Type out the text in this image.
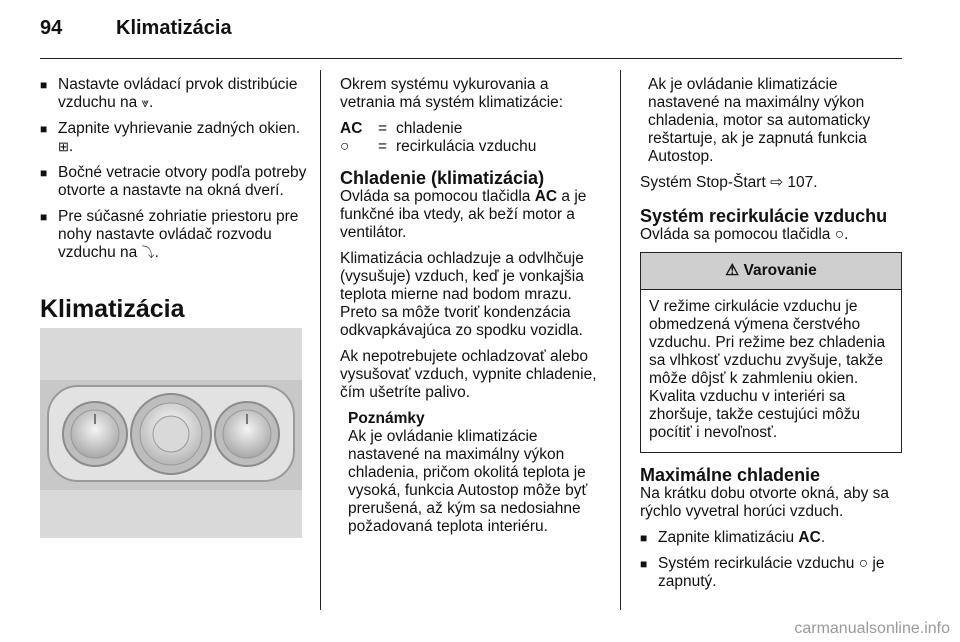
94	Klimatizácia
■ Nastavte ovládací prvok distribúcie vzduchu na ⩔.
■ Zapnite vyhrievanie zadných okien.
⊞.
■ Bočné vetracie otvory podľa potreby otvorte a nastavte na okná dverí.
■ Pre súčasné zohriatie priestoru pre nohy nastavte ovládač rozvodu vzduchu na ⤵.
Klimatizácia

Okrem systému vykurovania a vetrania má systém klimatizácie:

AC	= chladenie
○	= recirkulácia vzduchu
Chladenie (klimatizácia)

Ovláda sa pomocou tlačidla AC a je funkčné iba vtedy, ak beží motor a ventilátor.

Klimatizácia ochladzuje a odvlhčuje (vysušuje) vzduch, keď je vonkajšia teplota mierne nad bodom mrazu. Preto sa môže tvoriť kondenzácia odkvapkávajúca zo spodku vozidla.

Ak nepotrebujete ochladzovať alebo vysušovať vzduch, vypnite chladenie, čím ušetríte palivo.

Poznámky
Ak je ovládanie klimatizácie nastavené na maximálny výkon chladenia, pričom okolitá teplota je vysoká, funkcia Autostop môže byť prerušená, až kým sa nedosiahne požadovaná teplota interiéru.

Ak je ovládanie klimatizácie nastavené na maximálny výkon chladenia, motor sa automaticky reštartuje, ak je zapnutá funkcia Autostop.

Systém Stop-Štart ⇨ 107.

Systém recirkulácie vzduchu

Ovláda sa pomocou tlačidla ○.

⚠ Varovanie
V režime cirkulácie vzduchu je obmedzená výmena čerstvého vzduchu. Pri režime bez chladenia sa vlhkosť vzduchu zvyšuje, takže môže dôjsť k zahmleniu okien. Kvalita vzduchu v interiéri sa zhoršuje, takže cestujúci môžu pocítiť i nevoľnosť.
Maximálne chladenie

Na krátku dobu otvorte okná, aby sa rýchlo vyvetral horúci vzduch.

■ Zapnite klimatizáciu AC.
■ Systém recirkulácie vzduchu ○ je zapnutý.
carmanualsonline.info
